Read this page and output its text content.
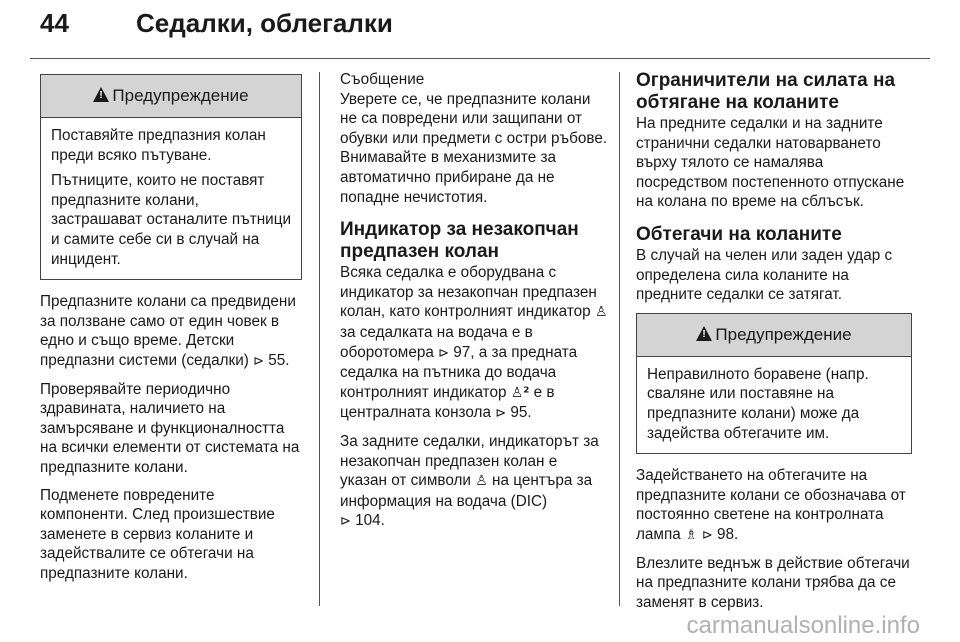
44	Седалки, облегалки
! Предупреждение

Поставяйте предпазния колан преди всяко пътуване.

Пътниците, които не поставят предпазните колани, застрашават останалите пътници и самите себе си в случай на инцидент.

Предпазните колани са предвидени за ползване само от един човек в едно и също време. Детски предпазни системи (седалки) ⊳ 55.

Проверявайте периодично здравината, наличието на замърсяване и функционалността на всички елементи от системата на предпазните колани.

Подменете повредените компоненти. След произшествие заменете в сервиз коланите и задействалите се обтегачи на предпазните колани.

Съобщение

Уверете се, че предпазните колани не са повредени или защипани от обувки или предмети с остри ръбове. Внимавайте в механизмите за автоматично прибиране да не попадне нечистотия.

Индикатор за незакопчан предпазен колан

Всяка седалка е оборудвана с индикатор за незакопчан предпазен колан, като контролният индикатор ♙ за седалката на водача е в оборотомера ⊳ 97, а за предната седалка на пътника до водача контролният индикатор ♙² е в централната конзола ⊳ 95.

За задните седалки, индикаторът за незакопчан предпазен колан е указан от символи ♙ на центъра за информация на водача (DIC)
⊳ 104.

Ограничители на силата на обтягане на коланите

На предните седалки и на задните странични седалки натоварването върху тялото се намалява посредством постепенното отпускане на колана по време на сблъсък.

Обтегачи на коланите

В случай на челен или заден удар с определена сила коланите на предните седалки се затягат.

! Предупреждение

Неправилното боравене (напр. сваляне или поставяне на предпазните колани) може да задейства обтегачите им.

Задействането на обтегачите на предпазните колани се обозначава от постоянно светене на контролната лампа ♗ ⊳ 98.

Влезлите веднъж в действие обтегачи на предпазните колани трябва да се заменят в сервиз.

carmanualsonline.info
